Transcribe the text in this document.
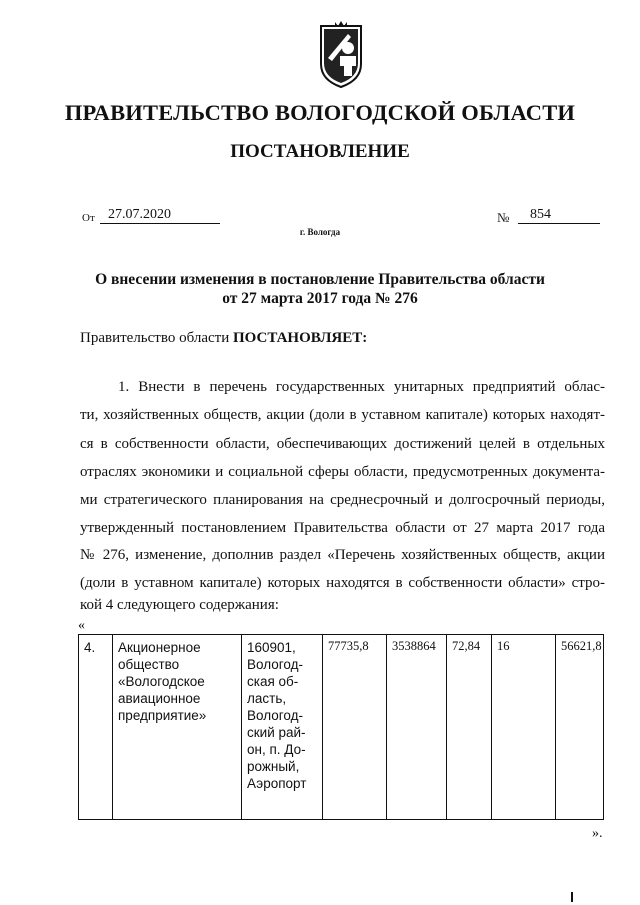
ПРАВИТЕЛЬСТВО ВОЛОГОДСКОЙ ОБЛАСТИ
ПОСТАНОВЛЕНИЕ
От 27.07.2020
г. Вологда
№	854
О внесении изменения в постановление Правительства области
от 27 марта 2017 года № 276
Правительство области ПОСТАНОВЛЯЕТ:
1. Внести в перечень государственных унитарных предприятий облас-
ти, хозяйственных обществ, акции (доли в уставном капитале) которых находят-
ся в собственности области, обеспечивающих достижений целей в отдельных
отраслях экономики и социальной сферы области, предусмотренных документа-
ми стратегического планирования на среднесрочный и долгосрочный периоды,
утвержденный постановлением Правительства области от 27 марта 2017 года
№ 276, изменение, дополнив раздел «Перечень хозяйственных обществ, акции
(доли в уставном капитале) которых находятся в собственности области» стро-
кой 4 следующего содержания:
«
4.	Акционерное
общество
«Вологодское
авиационное
предприятие»

160901,
Вологод-
ская об-
ласть,
Вологод-
ский рай-
он, п. До-
рожный,
Аэропорт
	77735,8	3538864	72,84	16	56621,8
».
